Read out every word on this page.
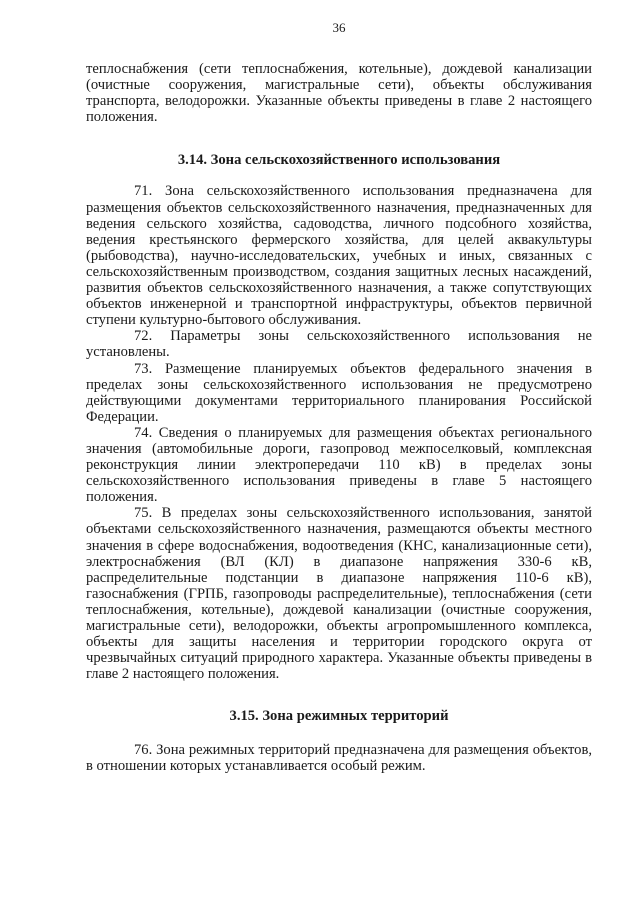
36

теплоснабжения (сети теплоснабжения, котельные), дождевой канализации (очистные сооружения, магистральные сети), объекты обслуживания транспорта, велодорожки. Указанные объекты приведены в главе 2 настоящего положения.

3.14. Зона сельскохозяйственного использования

71. Зона сельскохозяйственного использования предназначена для размещения объектов сельскохозяйственного назначения, предназначенных для ведения сельского хозяйства, садоводства, личного подсобного хозяйства, ведения крестьянского фермерского хозяйства, для целей аквакультуры (рыбоводства), научно-исследовательских, учебных и иных, связанных с сельскохозяйственным производством, создания защитных лесных насаждений, развития объектов сельскохозяйственного назначения, а также сопутствующих объектов инженерной и транспортной инфраструктуры, объектов первичной ступени культурно-бытового обслуживания.

72. Параметры зоны сельскохозяйственного использования не установлены.

73. Размещение планируемых объектов федерального значения в пределах зоны сельскохозяйственного использования не предусмотрено действующими документами территориального планирования Российской Федерации.

74. Сведения о планируемых для размещения объектах регионального значения (автомобильные дороги, газопровод межпоселковый, комплексная реконструкция линии электропередачи 110 кВ) в пределах зоны сельскохозяйственного использования приведены в главе 5 настоящего положения.

75. В пределах зоны сельскохозяйственного использования, занятой объектами сельскохозяйственного назначения, размещаются объекты местного значения в сфере водоснабжения, водоотведения (КНС, канализационные сети), электроснабжения (ВЛ (КЛ) в диапазоне напряжения 330-6 кВ, распределительные подстанции в диапазоне напряжения 110-6 кВ), газоснабжения (ГРПБ, газопроводы распределительные), теплоснабжения (сети теплоснабжения, котельные), дождевой канализации (очистные сооружения, магистральные сети), велодорожки, объекты агропромышленного комплекса, объекты для защиты населения и территории городского округа от чрезвычайных ситуаций природного характера. Указанные объекты приведены в главе 2 настоящего положения.

3.15. Зона режимных территорий

76. Зона режимных территорий предназначена для размещения объектов, в отношении которых устанавливается особый режим.
